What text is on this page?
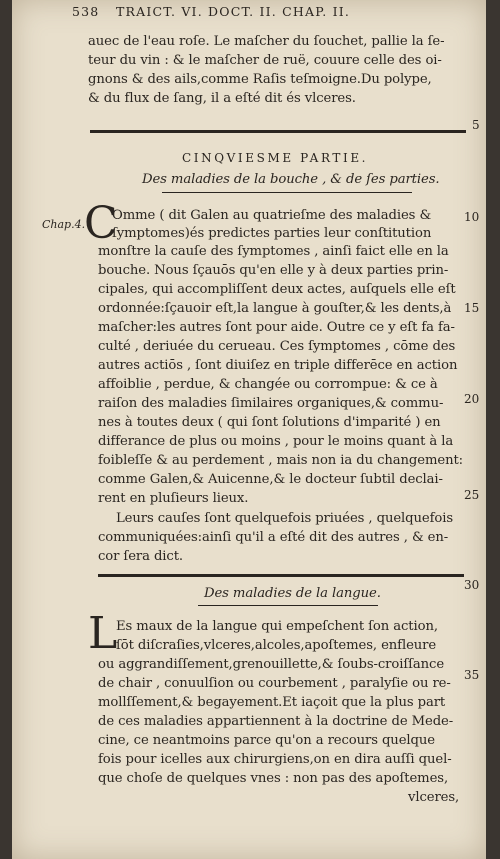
538 TRAICT. VI. DOCT. II. CHAP. II.
auec de l'eau roſe. Le maſcher du ſouchet, pallie la ſe-
teur du vin : & le maſcher de ruë, couure celle des oi-
gnons & des ails,comme Raſis teſmoigne.Du polype,
& du flux de ſang, il a eſté dit és vlceres.
5
CINQVIESME PARTIE.
Des maladies de la bouche , & de ſes parties.
Chap.4.
C
Omme ( dit Galen au quatrieſme des maladies &
ſymptomes)és predictes parties leur conſtitution
monſtre la cauſe des ſymptomes , ainſi faict elle en la
bouche. Nous ſçauōs qu'en elle y à deux parties prin-
cipales, qui accompliſſent deux actes, auſquels elle eſt
ordonnée:ſçauoir eſt,la langue à gouſter,& les dents,à
maſcher:les autres ſont pour aide. Outre ce y eſt fa fa-
culté , deriuée du cerueau. Ces ſymptomes , cōme des
autres actiōs , ſont diuiſez en triple differēce en action
affoiblie , perdue, & changée ou corrompue: & ce à
raiſon des maladies ſimilaires organiques,& commu-
nes à toutes deux ( qui ſont ſolutions d'imparité ) en
differance de plus ou moins , pour le moins quant à la
foibleſſe & au perdement , mais non ia du changement:
comme Galen,& Auicenne,& le docteur ſubtil declai-
rent en pluſieurs lieux.
10
15
20
25
Leurs cauſes ſont quelquefois priuées , quelquefois
communiquées:ainſi qu'il a eſté dit des autres , & en-
cor ſera dict.
30
Des maladies de la langue.
L
Es maux de la langue qui empeſchent ſon action,
ſōt diſcraſies,vlceres,alcoles,apoſtemes, enfleure
ou aggrandiſſement,grenouillette,& ſoubs-croiſſance
de chair , conuulſion ou courbement , paralyſie ou re-
mollſſement,& begayement.Et iaçoit que la plus part
de ces maladies appartiennent à la doctrine de Mede-
cine, ce neantmoins parce qu'on a recours quelque
fois pour icelles aux chirurgiens,on en dira auſſi quel-
que choſe de quelques vnes : non pas des apoſtemes,
vlceres,
35
